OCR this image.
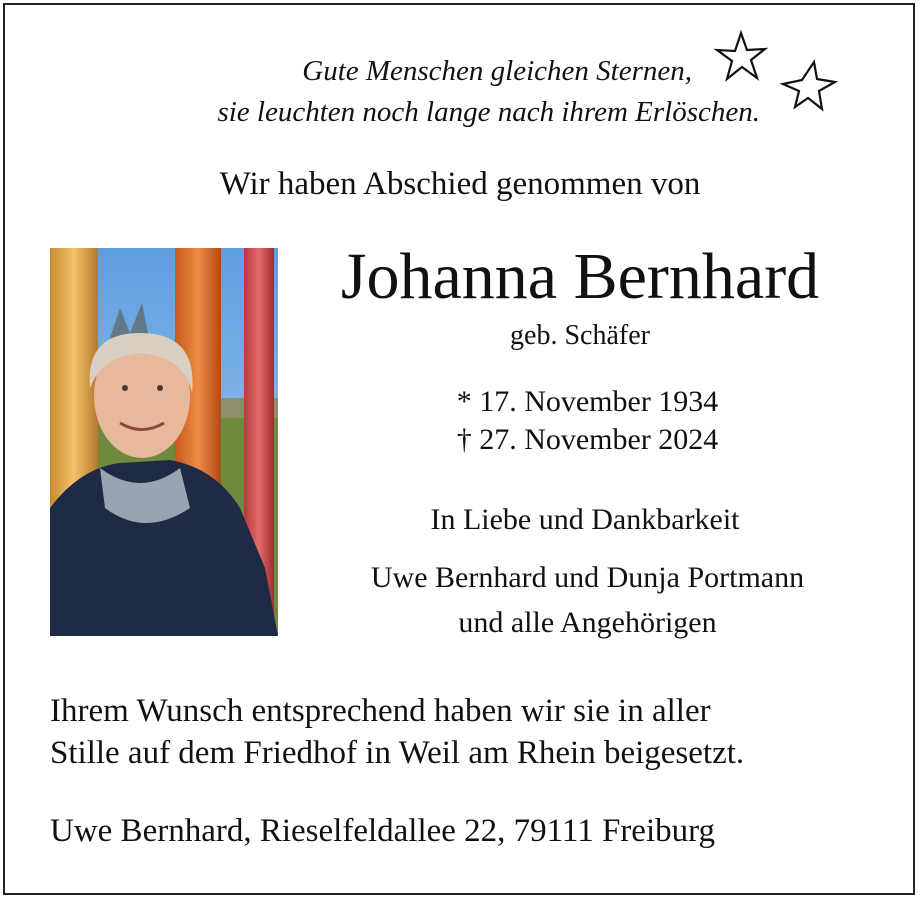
Gute Menschen gleichen Sternen,
sie leuchten noch lange nach ihrem Erlöschen.
Wir haben Abschied genommen von
Johanna Bernhard
geb. Schäfer
* 17. November 1934
† 27. November 2024
In Liebe und Dankbarkeit
Uwe Bernhard und Dunja Portmann
und alle Angehörigen
Ihrem Wunsch entsprechend haben wir sie in aller
Stille auf dem Friedhof in Weil am Rhein beigesetzt.
Uwe Bernhard, Rieselfeldallee 22, 79111 Freiburg
